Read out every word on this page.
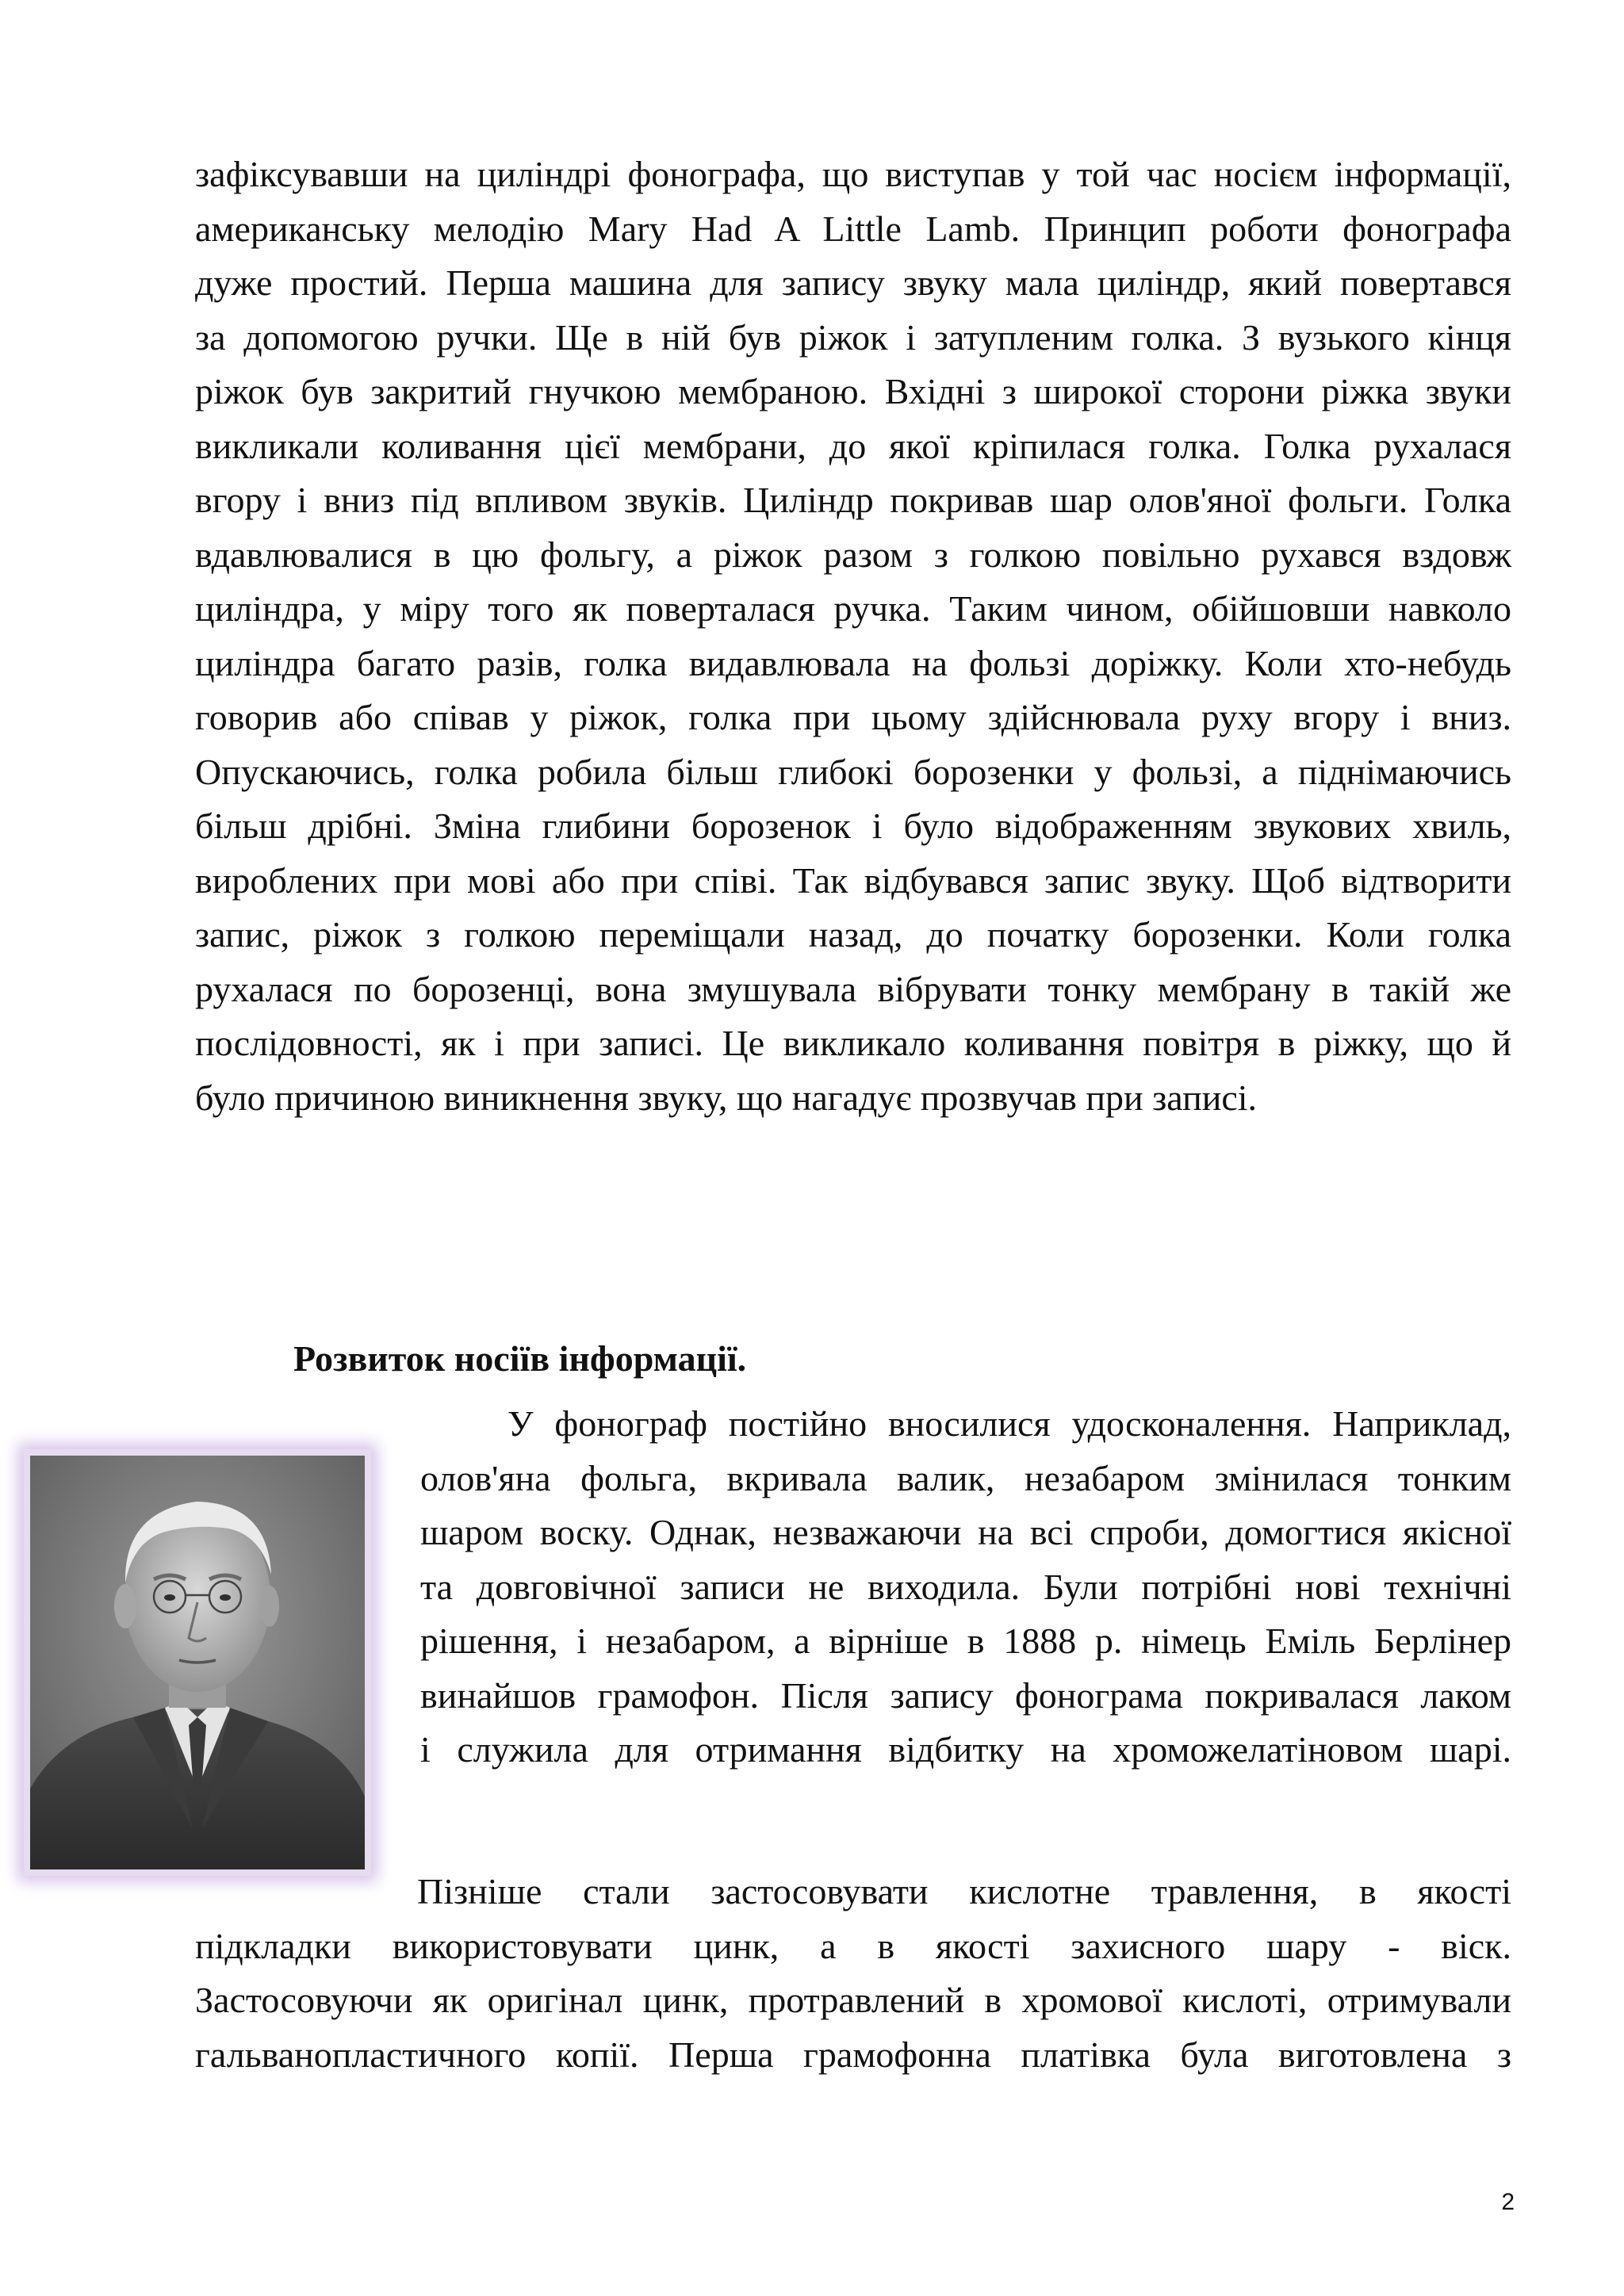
зафіксувавши на циліндрі фонографа, що виступав у той час носієм інформації,
американську мелодію Mary Had A Little Lamb. Принцип роботи фонографа
дуже простий. Перша машина для запису звуку мала циліндр, який повертався
за допомогою ручки. Ще в ній був ріжок і затупленим голка. З вузького кінця
ріжок був закритий гнучкою мембраною. Вхідні з широкої сторони ріжка звуки
викликали коливання цієї мембрани, до якої кріпилася голка. Голка рухалася
вгору і вниз під впливом звуків. Циліндр покривав шар олов'яної фольги. Голка
вдавлювалися в цю фольгу, а ріжок разом з голкою повільно рухався вздовж
циліндра, у міру того як поверталася ручка. Таким чином, обійшовши навколо
циліндра багато разів, голка видавлювала на фользі доріжку. Коли хто-небудь
говорив або співав у ріжок, голка при цьому здійснювала руху вгору і вниз.
Опускаючись, голка робила більш глибокі борозенки у фользі, а піднімаючись
більш дрібні. Зміна глибини борозенок і було відображенням звукових хвиль,
вироблених при мові або при співі. Так відбувався запис звуку. Щоб відтворити
запис, ріжок з голкою переміщали назад, до початку борозенки. Коли голка
рухалася по борозенці, вона змушувала вібрувати тонку мембрану в такій же
послідовності, як і при записі. Це викликало коливання повітря в ріжку, що й
було причиною виникнення звуку, що нагадує прозвучав при записі.
Розвиток носіїв інформації.
У фонограф постійно вносилися удосконалення. Наприклад,
олов'яна фольга, вкривала валик, незабаром змінилася тонким
шаром воску. Однак, незважаючи на всі спроби, домогтися якісної
та довговічної записи не виходила. Були потрібні нові технічні
рішення, і незабаром, а вірніше в 1888 р. німець Еміль Берлінер
винайшов грамофон. Після запису фонограма покривалася лаком
і служила для отримання відбитку на хроможелатіновом шарі.
Пізніше стали застосовувати кислотне травлення, в якості
підкладки використовувати цинк, а в якості захисного шару - віск.
Застосовуючи як оригінал цинк, протравлений в хромової кислоті, отримували
гальванопластичного копії. Перша грамофонна платівка була виготовлена з
2
